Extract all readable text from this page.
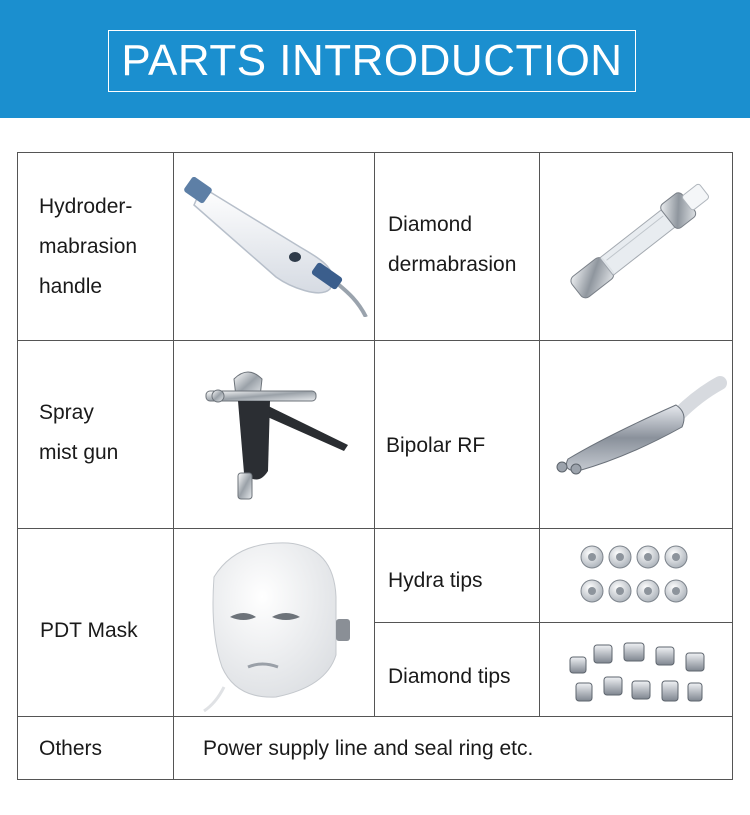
PARTS INTRODUCTION
Hydroder-
mabrasion
handle
Diamond
dermabrasion
Spray
mist gun	Bipolar RF
PDT Mask
Hydra tips
Diamond tips
Others	Power supply line and seal ring etc.
